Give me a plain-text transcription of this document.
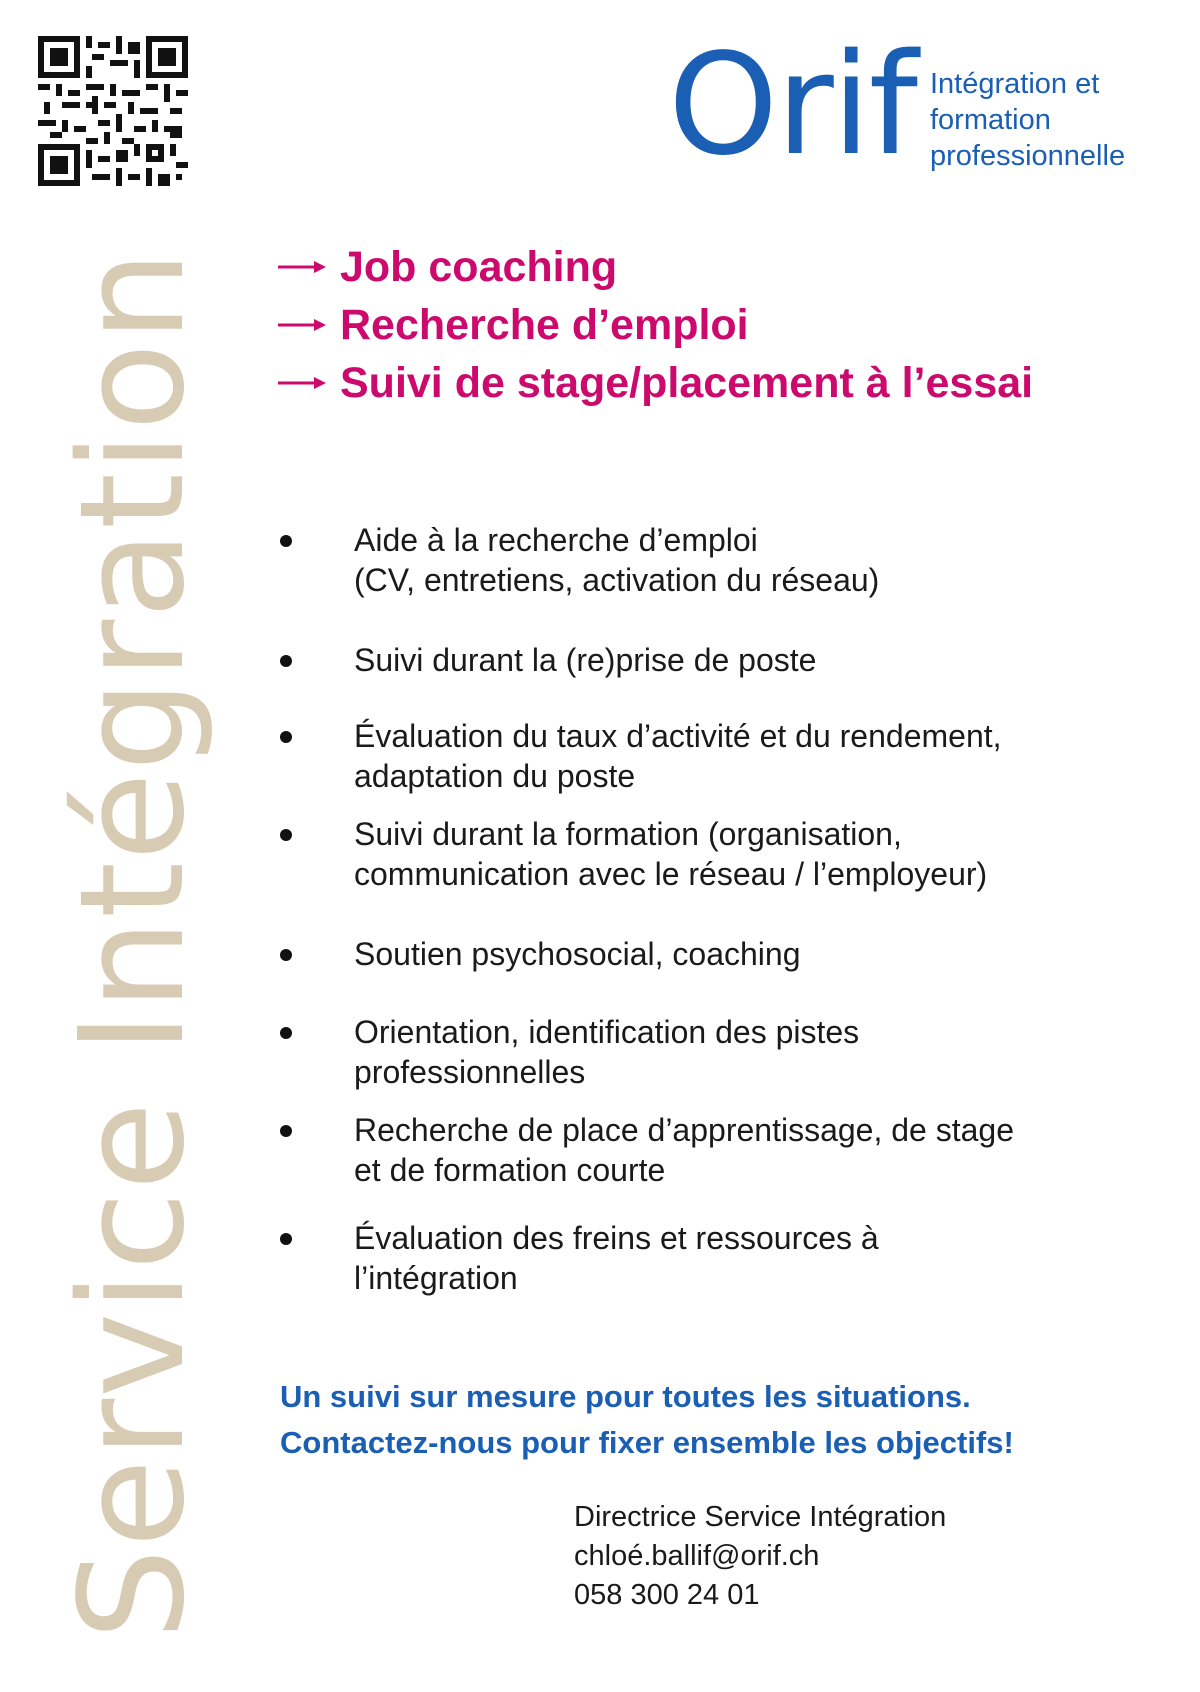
Orif Intégration et
formation
professionnelle
Service Intégration	Job coaching
Recherche d’emploi
Suivi de stage/placement à l’essai
Aide à la recherche d’emploi
(CV, entretiens, activation du réseau)
Suivi durant la (re)prise de poste
Évaluation du taux d’activité et du rendement,
adaptation du poste
Suivi durant la formation (organisation,
communication avec le réseau / l’employeur)
Soutien psychosocial, coaching
Orientation, identification des pistes
professionnelles
Recherche de place d’apprentissage, de stage
et de formation courte
Évaluation des freins et ressources à
l’intégration
Un suivi sur mesure pour toutes les situations.
Contactez-nous pour fixer ensemble les objectifs!
Directrice Service Intégration
chloé.ballif@orif.ch
058 300 24 01
